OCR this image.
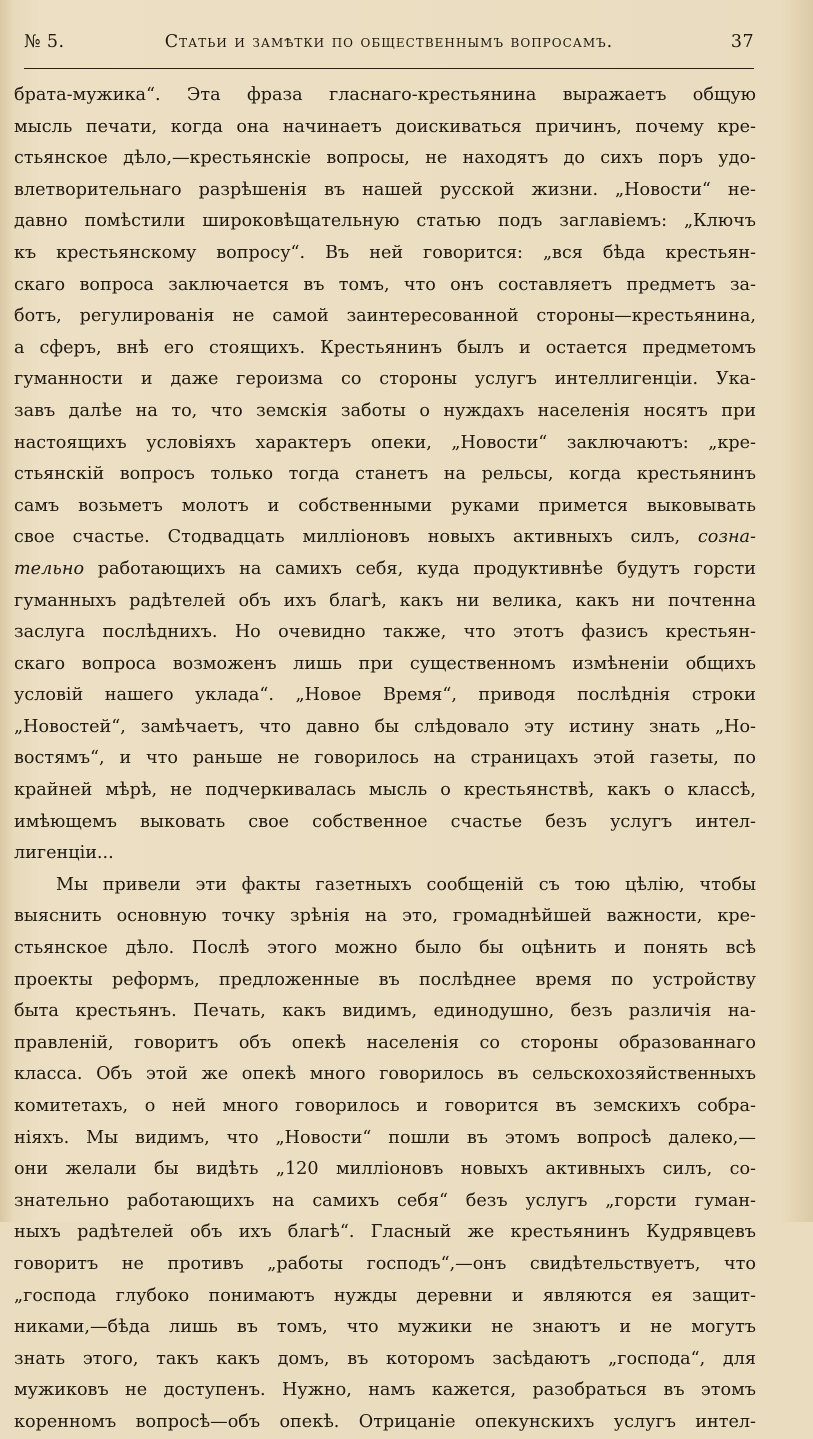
№ 5.	Статьи и замѣтки по общественнымъ вопросамъ.	37
брата-мужика“. Эта фраза гласнаго-крестьянина выражаетъ общую
мысль печати, когда она начинаетъ доискиваться причинъ, почему кре-
стьянское дѣло,—крестьянскіе вопросы, не находятъ до сихъ поръ удо-
влетворительнаго разрѣшенія въ нашей русской жизни. „Новости“ не-
давно помѣстили широковѣщательную статью подъ заглавіемъ: „Ключъ
къ крестьянскому вопросу“. Въ ней говорится: „вся бѣда крестьян-
скаго вопроса заключается въ томъ, что онъ составляетъ предметъ за-
ботъ, регулированія не самой заинтересованной стороны—крестьянина,
а сферъ, внѣ его стоящихъ. Крестьянинъ былъ и остается предметомъ
гуманности и даже героизма со стороны услугъ интеллигенціи. Ука-
завъ далѣе на то, что земскія заботы о нуждахъ населенія носятъ при
настоящихъ условіяхъ характеръ опеки, „Новости“ заключаютъ: „кре-
стьянскій вопросъ только тогда станетъ на рельсы, когда крестьянинъ
самъ возьметъ молотъ и собственными руками примется выковывать
свое счастье. Стодвадцать милліоновъ новыхъ активныхъ силъ, созна-
тельно работающихъ на самихъ себя, куда продуктивнѣе будутъ горсти
гуманныхъ радѣтелей объ ихъ благѣ, какъ ни велика, какъ ни почтенна
заслуга послѣднихъ. Но очевидно также, что этотъ фазисъ крестьян-
скаго вопроса возможенъ лишь при существенномъ измѣненіи общихъ
условій нашего уклада“. „Новое Время“, приводя послѣднія строки
„Новостей“, замѣчаетъ, что давно бы слѣдовало эту истину знать „Но-
востямъ“, и что раньше не говорилось на страницахъ этой газеты, по
крайней мѣрѣ, не подчеркивалась мысль о крестьянствѣ, какъ о классѣ,
имѣющемъ выковать свое собственное счастье безъ услугъ интел-
лигенціи...
Мы привели эти факты газетныхъ сообщеній съ тою цѣлію, чтобы
выяснить основную точку зрѣнія на это, громаднѣйшей важности, кре-
стьянское дѣло. Послѣ этого можно было бы оцѣнить и понять всѣ
проекты реформъ, предложенные въ послѣднее время по устройству
быта крестьянъ. Печать, какъ видимъ, единодушно, безъ различія на-
правленій, говоритъ объ опекѣ населенія со стороны образованнаго
класса. Объ этой же опекѣ много говорилось въ сельскохозяйственныхъ
комитетахъ, о ней много говорилось и говорится въ земскихъ собра-
ніяхъ. Мы видимъ, что „Новости“ пошли въ этомъ вопросѣ далеко,—
они желали бы видѣть „120 милліоновъ новыхъ активныхъ силъ, со-
знательно работающихъ на самихъ себя“ безъ услугъ „горсти гуман-
ныхъ радѣтелей объ ихъ благѣ“. Гласный же крестьянинъ Кудрявцевъ
говоритъ не противъ „работы господъ“,—онъ свидѣтельствуетъ, что
„господа глубоко понимаютъ нужды деревни и являются ея защит-
никами,—бѣда лишь въ томъ, что мужики не знаютъ и не могутъ
знать этого, такъ какъ домъ, въ которомъ засѣдаютъ „господа“, для
мужиковъ не доступенъ. Нужно, намъ кажется, разобраться въ этомъ
коренномъ вопросѣ—объ опекѣ. Отрицаніе опекунскихъ услугъ интел-
